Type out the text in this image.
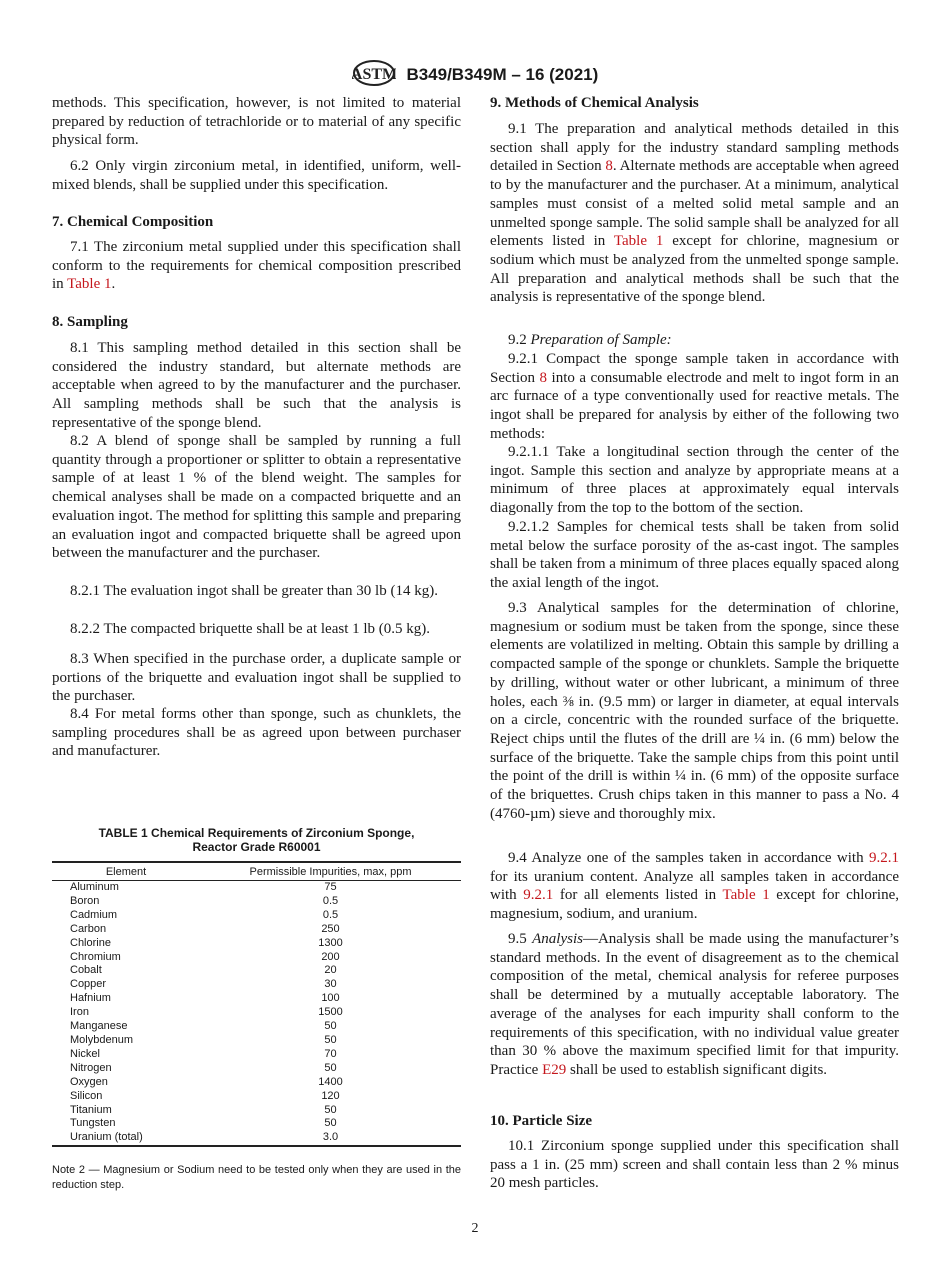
ASTM B349/B349M – 16 (2021)
methods. This specification, however, is not limited to material prepared by reduction of tetrachloride or to material of any specific physical form.
6.2 Only virgin zirconium metal, in identified, uniform, well-mixed blends, shall be supplied under this specification.
7. Chemical Composition
7.1 The zirconium metal supplied under this specification shall conform to the requirements for chemical composition prescribed in Table 1.
8. Sampling
8.1 This sampling method detailed in this section shall be considered the industry standard, but alternate methods are acceptable when agreed to by the manufacturer and the purchaser. All sampling methods shall be such that the analysis is representative of the sponge blend.
8.2 A blend of sponge shall be sampled by running a full quantity through a proportioner or splitter to obtain a representative sample of at least 1 % of the blend weight. The samples for chemical analyses shall be made on a compacted briquette and an evaluation ingot. The method for splitting this sample and preparing an evaluation ingot and compacted briquette shall be agreed upon between the manufacturer and the purchaser.
8.2.1 The evaluation ingot shall be greater than 30 lb (14 kg).
8.2.2 The compacted briquette shall be at least 1 lb (0.5 kg).
8.3 When specified in the purchase order, a duplicate sample or portions of the briquette and evaluation ingot shall be supplied to the purchaser.
8.4 For metal forms other than sponge, such as chunklets, the sampling procedures shall be as agreed upon between purchaser and manufacturer.
9. Methods of Chemical Analysis
9.1 The preparation and analytical methods detailed in this section shall apply for the industry standard sampling methods detailed in Section 8. Alternate methods are acceptable when agreed to by the manufacturer and the purchaser. At a minimum, analytical samples must consist of a melted solid metal sample and an unmelted sponge sample. The solid sample shall be analyzed for all elements listed in Table 1 except for chlorine, magnesium or sodium which must be analyzed from the unmelted sponge sample. All preparation and analytical methods shall be such that the analysis is representative of the sponge blend.
9.2 Preparation of Sample:
9.2.1 Compact the sponge sample taken in accordance with Section 8 into a consumable electrode and melt to ingot form in an arc furnace of a type conventionally used for reactive metals. The ingot shall be prepared for analysis by either of the following two methods:
9.2.1.1 Take a longitudinal section through the center of the ingot. Sample this section and analyze by appropriate means at a minimum of three places at approximately equal intervals diagonally from the top to the bottom of the section.
9.2.1.2 Samples for chemical tests shall be taken from solid metal below the surface porosity of the as-cast ingot. The samples shall be taken from a minimum of three places equally spaced along the axial length of the ingot.
9.3 Analytical samples for the determination of chlorine, magnesium or sodium must be taken from the sponge, since these elements are volatilized in melting. Obtain this sample by drilling a compacted sample of the sponge or chunklets. Sample the briquette by drilling, without water or other lubricant, a minimum of three holes, each ⅜ in. (9.5 mm) or larger in diameter, at equal intervals on a circle, concentric with the rounded surface of the briquette. Reject chips until the flutes of the drill are ¼ in. (6 mm) below the surface of the briquette. Take the sample chips from this point until the point of the drill is within ¼ in. (6 mm) of the opposite surface of the briquettes. Crush chips taken in this manner to pass a No. 4 (4760-µm) sieve and thoroughly mix.
9.4 Analyze one of the samples taken in accordance with 9.2.1 for its uranium content. Analyze all samples taken in accordance with 9.2.1 for all elements listed in Table 1 except for chlorine, magnesium, sodium, and uranium.
9.5 Analysis—Analysis shall be made using the manufacturer’s standard methods. In the event of disagreement as to the chemical composition of the metal, chemical analysis for referee purposes shall be determined by a mutually acceptable laboratory. The average of the analyses for each impurity shall conform to the requirements of this specification, with no individual value greater than 30 % above the maximum specified limit for that impurity. Practice E29 shall be used to establish significant digits.
10. Particle Size
10.1 Zirconium sponge supplied under this specification shall pass a 1 in. (25 mm) screen and shall contain less than 2 % minus 20 mesh particles.
TABLE 1 Chemical Requirements of Zirconium Sponge,
Reactor Grade R60001
Element	Permissible Impurities, max, ppm
Aluminum	75
Boron	0.5
Cadmium	0.5
Carbon	250
Chlorine	1300
Chromium	200
Cobalt	20
Copper	30
Hafnium	100
Iron	1500
Manganese	50
Molybdenum	50
Nickel	70
Nitrogen	50
Oxygen	1400
Silicon	120
Titanium	50
Tungsten	50
Uranium (total)	3.0
Note 2 — Magnesium or Sodium need to be tested only when they are used in the reduction step.
2
